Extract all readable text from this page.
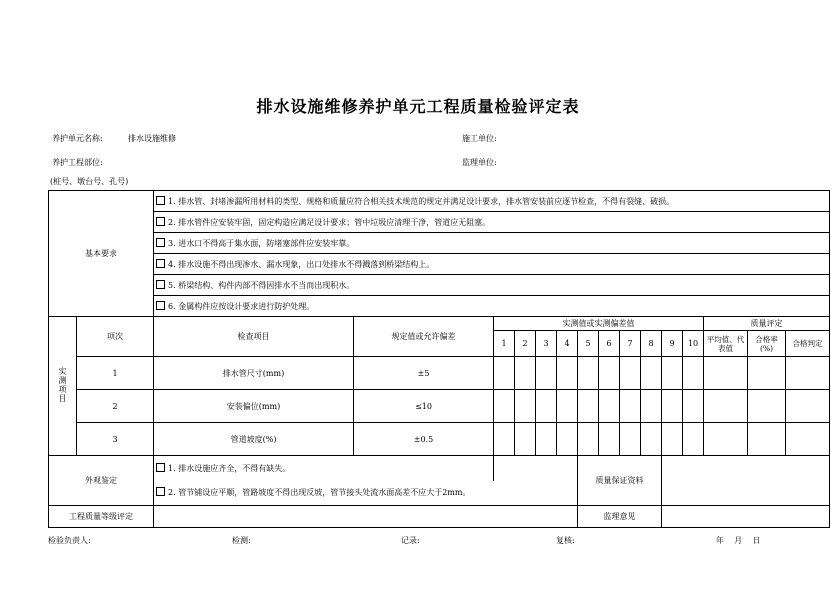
排水设施维修养护单元工程质量检验评定表
养护单元名称:	排水设施维修	施工单位:
养护工程部位:	监理单位:
(桩号、墩台号、孔号)
基本要求		1. 排水管、封堵渗漏所用材料的类型、规格和质量应符合相关技术规范的规定并满足设计要求，排水管安装前应逐节检查，不得有裂缝、破损。														
		2. 排水管件应安装牢固，固定构造应满足设计要求；管中垃圾应清理干净，管道应无阻塞。														
		3. 进水口不得高于集水面，防堵塞部件应安装牢靠。														
		4. 排水设施不得出现渗水、漏水现象，出口处排水不得溅落到桥梁结构上。														
		5. 桥梁结构、构件内部不得因排水不当而出现积水。														
		6. 金属构件应按设计要求进行防护处理。														
实测项目	项次	检查项目	规定值或允许偏差	实测值或实测偏差值										质量评定		
				1	2	3	4	5	6	7	8	9	10	平均值、代表值	合格率(%)	合格判定
	1	排水管尺寸(mm)	±5													
	2	安装偏位(mm)	≤10													
	3	管道坡度(%)	±0.5													
外观鉴定		1. 排水设施应齐全，不得有缺失。						质量保证资料								
		2. 管节铺设应平顺，管路坡度不得出现反坡，管节接头处流水面高差不应大于2mm。														
工程质量等级评定								监理意见								
检验负责人:	检测:	记录:	复核:	年    月    日
